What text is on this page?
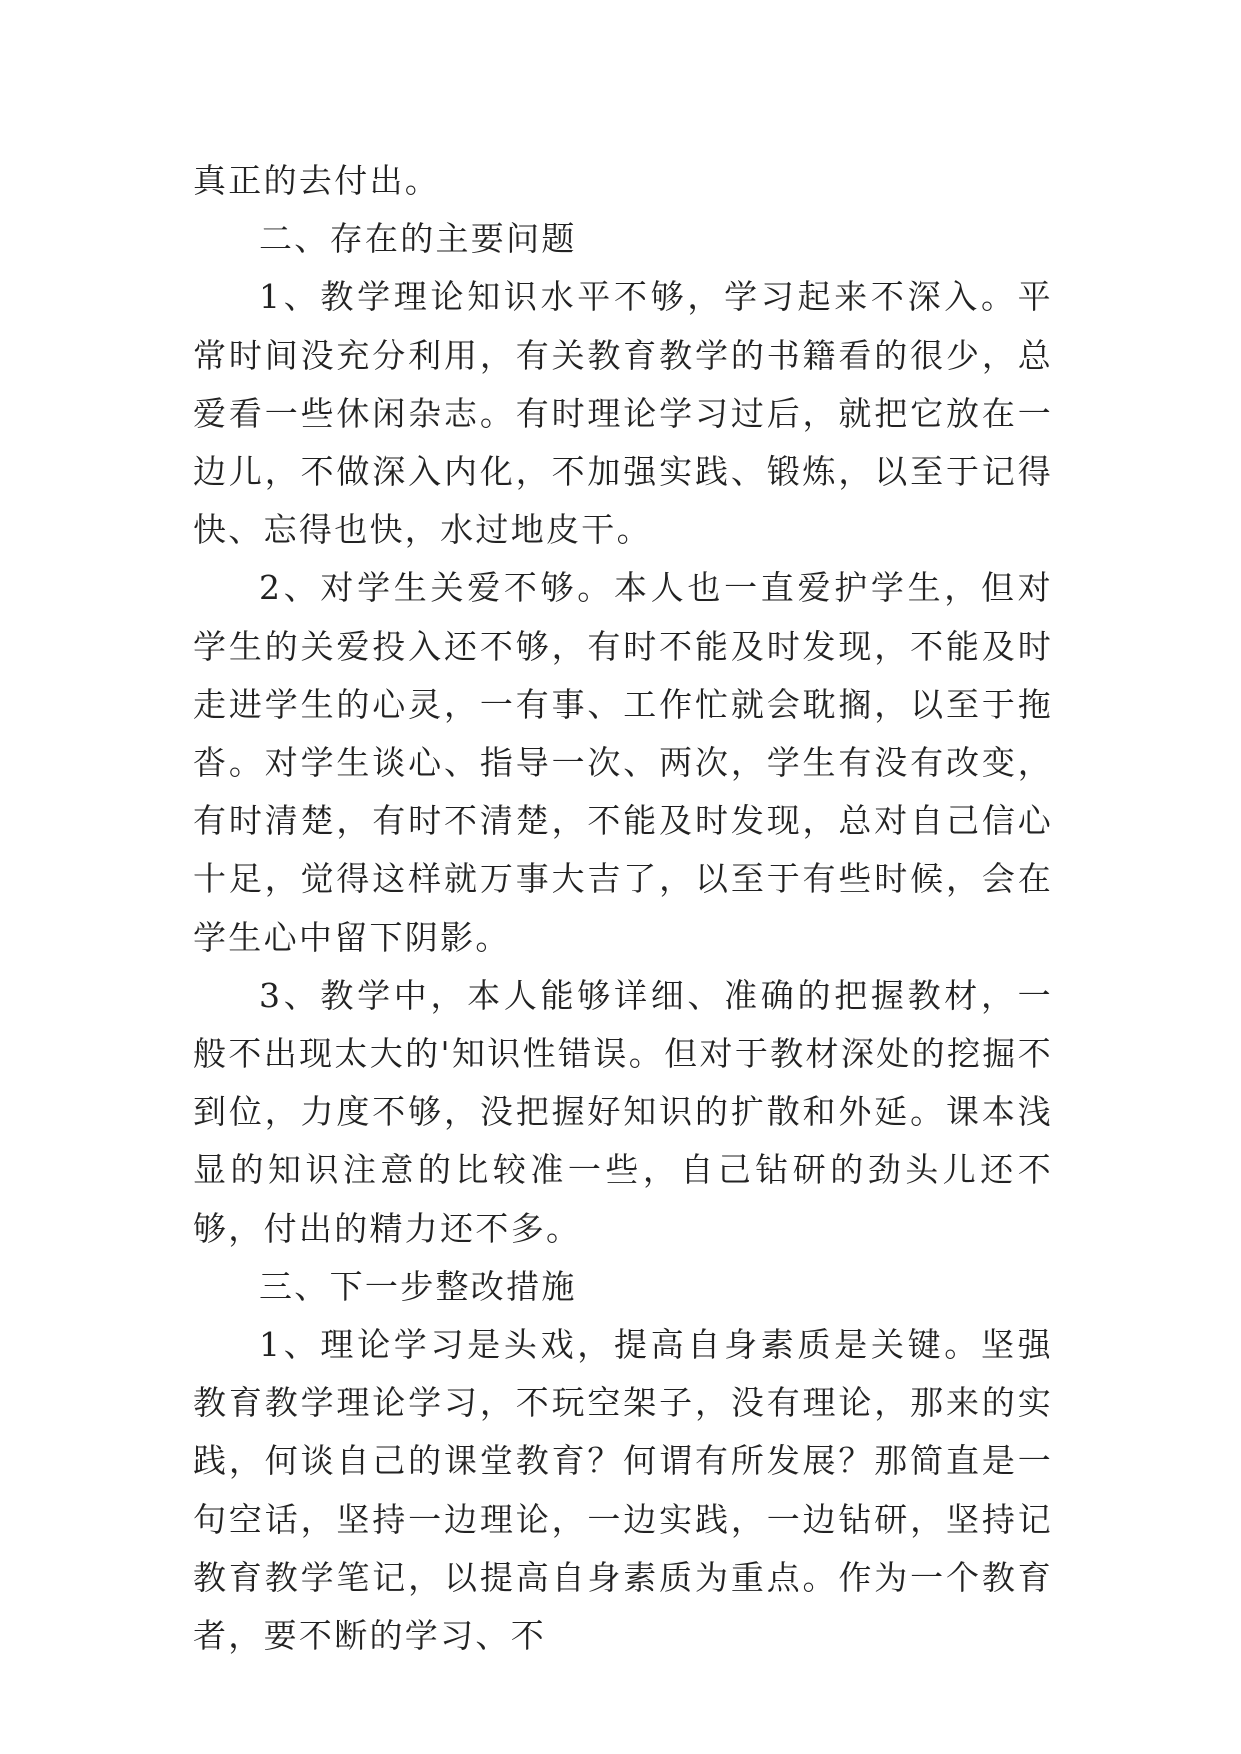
真正的去付出。

二、存在的主要问题

1、教学理论知识水平不够，学习起来不深入。平常时间没充分利用，有关教育教学的书籍看的很少，总爱看一些休闲杂志。有时理论学习过后，就把它放在一边儿，不做深入内化，不加强实践、锻炼，以至于记得快、忘得也快，水过地皮干。

2、对学生关爱不够。本人也一直爱护学生，但对学生的关爱投入还不够，有时不能及时发现，不能及时走进学生的心灵，一有事、工作忙就会耽搁，以至于拖沓。对学生谈心、指导一次、两次，学生有没有改变，有时清楚，有时不清楚，不能及时发现，总对自己信心十足，觉得这样就万事大吉了，以至于有些时候，会在学生心中留下阴影。

3、教学中，本人能够详细、准确的把握教材，一般不出现太大的'知识性错误。但对于教材深处的挖掘不到位，力度不够，没把握好知识的扩散和外延。课本浅显的知识注意的比较准一些，自己钻研的劲头儿还不够，付出的精力还不多。

三、下一步整改措施

1、理论学习是头戏，提高自身素质是关键。坚强教育教学理论学习，不玩空架子，没有理论，那来的实践，何谈自己的课堂教育？何谓有所发展？那简直是一句空话，坚持一边理论，一边实践，一边钻研，坚持记教育教学笔记，以提高自身素质为重点。作为一个教育者，要不断的学习、不
